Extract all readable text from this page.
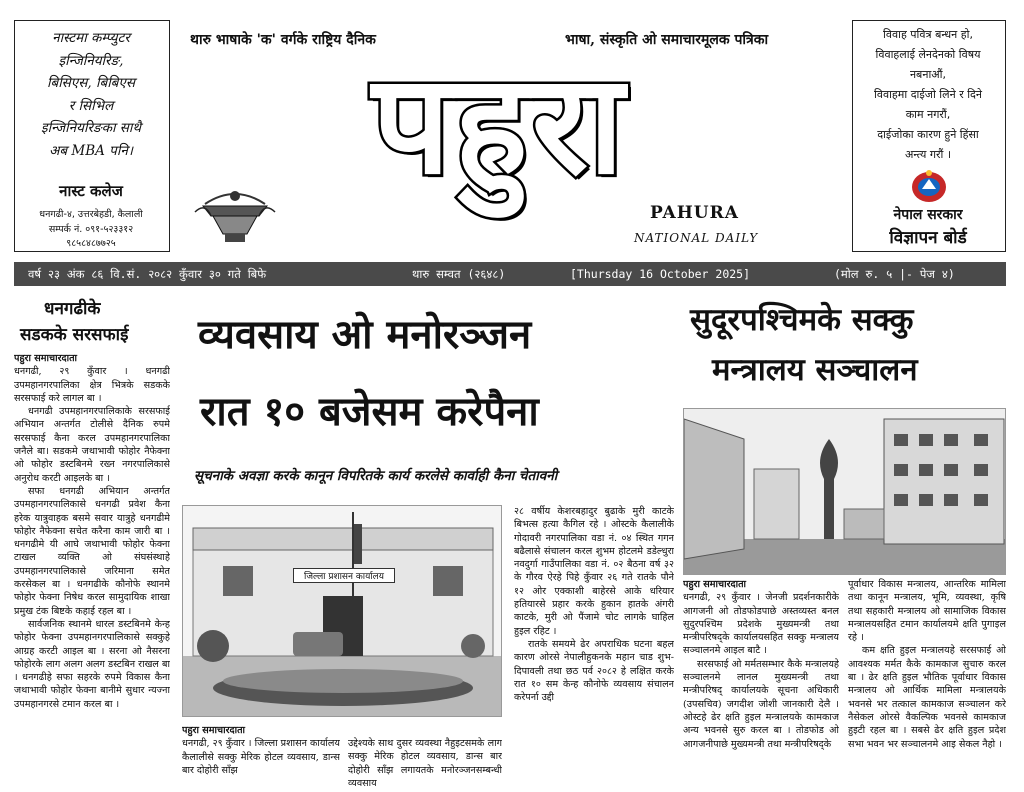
नास्टमा कम्प्युटर
इन्जिनियरिङ,
बिसिएस, बिबिएस
र सिभिल
इन्जिनियरिङका साथै
अब MBA पनि।
नास्ट कलेज
धनगढी-४, उत्तरबेहडी, कैलाली
सम्पर्क नं. ०९१-५२३३१२
९८५८४८७७२५
थारु भाषाके 'क' वर्गके राष्ट्रिय दैनिक	भाषा, संस्कृति ओ समाचारमूलक पत्रिका
पहुरा
PAHURA
NATIONAL DAILY
विवाह पवित्र बन्धन हो,
विवाहलाई लेनदेनको विषय
नबनाऔं,
विवाहमा दाईजो लिने र दिने
काम नगरौं,
दाईजोका कारण हुने हिंसा
अन्त्य गरौं ।
नेपाल सरकार
विज्ञापन बोर्ड
वर्ष २३ अंक ८६ वि.सं. २०८२ कुँवार ३० गते बिफे	थारु सम्वत (२६४८)	[Thursday 16 October 2025]	(मोल रु. ५ |- पेज ४)
धनगढीके
सडकके सरसफाई

पहुरा समाचारदाता

धनगढी, २९ कुँवार । धनगढी उपमहानगरपालिका क्षेत्र भित्रके सडकके सरसफाई करे लागल बा ।

धनगढी उपमहानगरपालिकाके सरसफाई अभियान अन्तर्गत टोलीसे दैनिक रुपमे सरसफाई कैना करल उपमहानगरपालिका जनैले बा। सडकमे जथाभावी फोहोर नैफेक्ना ओ फोहोर डस्टबिनमे रख्न नगरपालिकासे अनुरोध करटी आइलके बा ।

सफा धनगढी अभियान अन्तर्गत उपमहानगरपालिकासे धनगढी प्रवेश कैना हरेक यात्रुवाहक बसमे सवार यात्रुहे धनगढीमे फोहोर नैफेक्ना सचेत करैना काम जारी बा । धनगढीमे यी आघे जथाभावी फोहोर फेक्ना टाखल व्यक्ति ओ संघसंस्थाहे उपमहानगरपालिकासे जरिमाना समेत करसेकल बा । धनगढीके कौनोफे स्थानमे फोहोर फेक्ना निषेध करल सामुदायिक शाखा प्रमुख टंक बिष्टके कहाई रहल बा ।

सार्वजनिक स्थानमे धारल डस्टबिनमे केन्ह फोहोर फेक्ना उपमहानगरपालिकासे सक्कुहे आग्रह करटी आइल बा । सरना ओ नैसरना फोहोरके लाग अलग अलग डस्टबिन राखल बा । धनगढीहे सफा सहरके रुपमे विकास कैना जथाभावी फोहोर फेक्ना बानीमे सुधार न्यज्ना उपमहानगरसे टमान करल बा ।

व्यवसाय ओ मनोरञ्जन
रात १० बजेसम करेपैना
सूचनाके अवज्ञा करके कानून विपरितके कार्य करलेसे कार्वाही कैना चेतावनी
जिल्ला प्रशासन कार्यालय

पहुरा समाचारदाता

धनगढी, २९ कुँवार । जिल्ला प्रशासन कार्यालय कैलालीसे सक्कु मेरिक होटल व्यवसाय, डान्स बार दोहोरी साँझ

उद्देश्यके साथ दुसर व्यवस्था नैहुइटसमके लाग सक्कु मेरिक होटल व्यवसाय, डान्स बार दोहोरी साँझ लगायतके मनोरञ्जनसम्बन्धी व्यवसाय

२८ वर्षीय केशरबहादुर बुढाके मुरी काटके बिभत्स हत्या कैगिल रहे । ओस्टके कैलालीके गोदावरी नगरपालिका वडा नं. ०४ स्थित गगन बढैलासे संचालन करल शुभम होटलमे डडेल्धुरा नवदुर्गा गाउँपालिका वडा नं. ०२ बैठना वर्ष ३२ के गौरव ऐरहे पिहे कुँवार २६ गते रातके पौने १२ ओर एक्काशी बाहेरसे आके धरियार हतियारसे प्रहार करके हुकान हातके अंगरी काटके, मुरी ओ पैंजामे चोट लागके घाहिल हुइल रहिट ।

रातके समयमे ढेर अपराधिक घटना बहल कारण ओरसे नेपालीहुकनके महान चाड शुभ-दिपावली तथा छठ पर्व २०८२ हे लक्षित करके रात १० सम केन्ह कौनोफे व्यवसाय संचालन करेपर्ना उद्दी

सुदूरपश्चिमके सक्कु
मन्त्रालय सञ्चालन

पहुरा समाचारदाता

धनगढी, २९ कुँवार । जेनजी प्रदर्शनकारीके आगजनी ओ तोडफोडपाछे अस्तव्यस्त बनल सुदुरपश्चिम प्रदेशके मुख्यमन्त्री तथा मन्त्रीपरिषद्के कार्यालयसहित सक्कु मन्त्रालय सञ्चालनमे आइल बाटै ।

सरसफाई ओ मर्मतसम्भार कैके मन्त्रालयहे सञ्चालनमे लानल मुख्यमन्त्री तथा मन्त्रीपरिषद् कार्यालयके सूचना अधिकारी (उपसचिव) जगदीश जोशी जानकारी देलै । ओस्टहे ढेर क्षति हुइल मन्त्रालयके कामकाज अन्य भवनसे सुरु करल बा । तोडफोड ओ आगजनीपाछे मुख्यमन्त्री तथा मन्त्रीपरिषद्के

पूर्वाधार विकास मन्त्रालय, आन्तरिक मामिला तथा कानून मन्त्रालय, भूमि, व्यवस्था, कृषि तथा सहकारी मन्त्रालय ओ सामाजिक विकास मन्त्रालयसहित टमान कार्यालयमे क्षति पुगाइल रहे ।

कम क्षति हुइल मन्त्रालयहे सरसफाई ओ आवश्यक मर्मत कैके कामकाज सुचारु करल बा । ढेर क्षति हुइल भौतिक पूर्वाधार विकास मन्त्रालय ओ आर्थिक मामिला मन्त्रालयके भवनसे भर तत्काल कामकाज सञ्चालन करे नैसेकल ओरसे वैकल्पिक भवनसे कामकाज हुइटी रहल बा । सबसे ढेर क्षति हुइल प्रदेश सभा भवन भर सञ्चालनमे आइ सेकल नैहो ।
